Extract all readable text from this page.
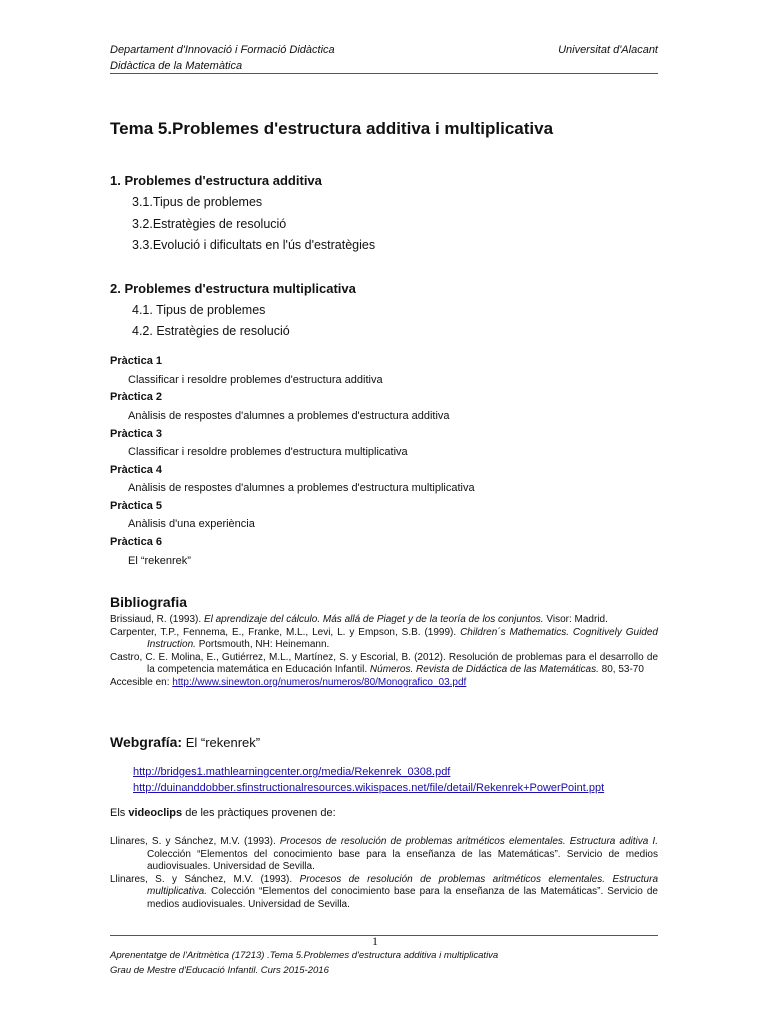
Departament d'Innovació i Formació Didàctica
Didàctica de la Matemàtica
Universitat d'Alacant
Tema 5.Problemes d'estructura additiva i multiplicativa
1. Problemes d'estructura additiva
3.1.Tipus de problemes
3.2.Estratègies de resolució
3.3.Evolució i dificultats en l'ús d'estratègies
2. Problemes d'estructura multiplicativa
4.1. Tipus de problemes
4.2. Estratègies de resolució
Pràctica 1
Classificar i resoldre problemes d'estructura additiva
Pràctica 2
Anàlisis de respostes d'alumnes a problemes d'estructura additiva
Pràctica 3
Classificar i resoldre problemes d'estructura multiplicativa
Pràctica 4
Anàlisis de respostes d'alumnes a problemes d'estructura multiplicativa
Pràctica 5
Anàlisis d'una experiència
Pràctica 6
El “rekenrek”
Bibliografia

Brissiaud, R. (1993). El aprendizaje del cálculo. Más allá de Piaget y de la teoría de los conjuntos. Visor: Madrid.

Carpenter, T.P., Fennema, E., Franke, M.L., Levi, L. y Empson, S.B. (1999). Children´s Mathematics. Cognitively Guided Instruction. Portsmouth, NH: Heinemann.

Castro, C. E. Molina, E., Gutiérrez, M.L., Martínez, S. y Escorial, B. (2012). Resolución de problemas para el desarrollo de la competencia matemática en Educación Infantil. Números. Revista de Didáctica de las Matemáticas. 80, 53-70

Accesible en: http://www.sinewton.org/numeros/numeros/80/Monografico_03.pdf

Webgrafía: El “rekenrek”
http://bridges1.mathlearningcenter.org/media/Rekenrek_0308.pdf
http://duinanddobber.sfinstructionalresources.wikispaces.net/file/detail/Rekenrek+PowerPoint.ppt
Els videoclips de les pràctiques provenen de:

Llinares, S. y Sánchez, M.V. (1993). Procesos de resolución de problemas aritméticos elementales. Estructura aditiva I. Colección “Elementos del conocimiento base para la enseñanza de las Matemáticas”. Servicio de medios audiovisuales. Universidad de Sevilla.

Llinares, S. y Sánchez, M.V. (1993). Procesos de resolución de problemas aritméticos elementales. Estructura multiplicativa. Colección “Elementos del conocimiento base para la enseñanza de las Matemáticas”. Servicio de medios audiovisuales. Universidad de Sevilla.

1
Aprenentatge de l'Aritmètica (17213) .Tema 5.Problemes d'estructura additiva i multiplicativa
Grau de Mestre d'Educació Infantil. Curs 2015-2016
